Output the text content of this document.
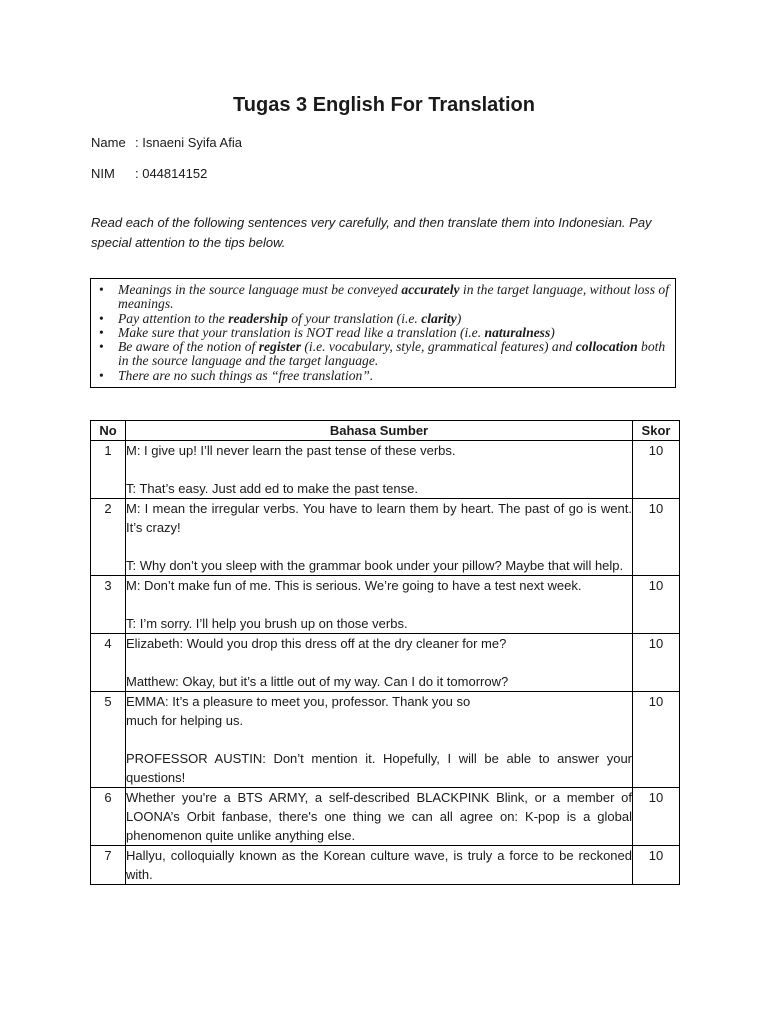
Tugas 3 English For Translation
Name : Isnaeni Syifa Afia
NIM : 044814152
Read each of the following sentences very carefully, and then translate them into Indonesian. Pay special attention to the tips below.
• Meanings in the source language must be conveyed accurately in the target language, without loss of meanings.
• Pay attention to the readership of your translation (i.e. clarity)
• Make sure that your translation is NOT read like a translation (i.e. naturalness)
• Be aware of the notion of register (i.e. vocabulary, style, grammatical features) and collocation both in the source language and the target language.
• There are no such things as “free translation”.
No	Bahasa Sumber	Skor
1	M: I give up! I’ll never learn the past tense of these verbs.
T: That’s easy. Just add ed to make the past tense.	10
2	M: I mean the irregular verbs. You have to learn them by heart. The past of go is went. It’s crazy!
T: Why don’t you sleep with the grammar book under your pillow? Maybe that will help.	10
3	M: Don’t make fun of me. This is serious. We’re going to have a test next week.
T: I’m sorry. I’ll help you brush up on those verbs.	10
4	Elizabeth: Would you drop this dress off at the dry cleaner for me?
Matthew: Okay, but it’s a little out of my way. Can I do it tomorrow?	10
5	EMMA: It’s a pleasure to meet you, professor. Thank you so
much for helping us.
PROFESSOR AUSTIN: Don’t mention it. Hopefully, I will be able to answer your questions!	10
6	Whether you're a BTS ARMY, a self-described BLACKPINK Blink, or a member of LOONA’s Orbit fanbase, there's one thing we can all agree on: K-pop is a global phenomenon quite unlike anything else.	10
7	Hallyu, colloquially known as the Korean culture wave, is truly a force to be reckoned with.	10
